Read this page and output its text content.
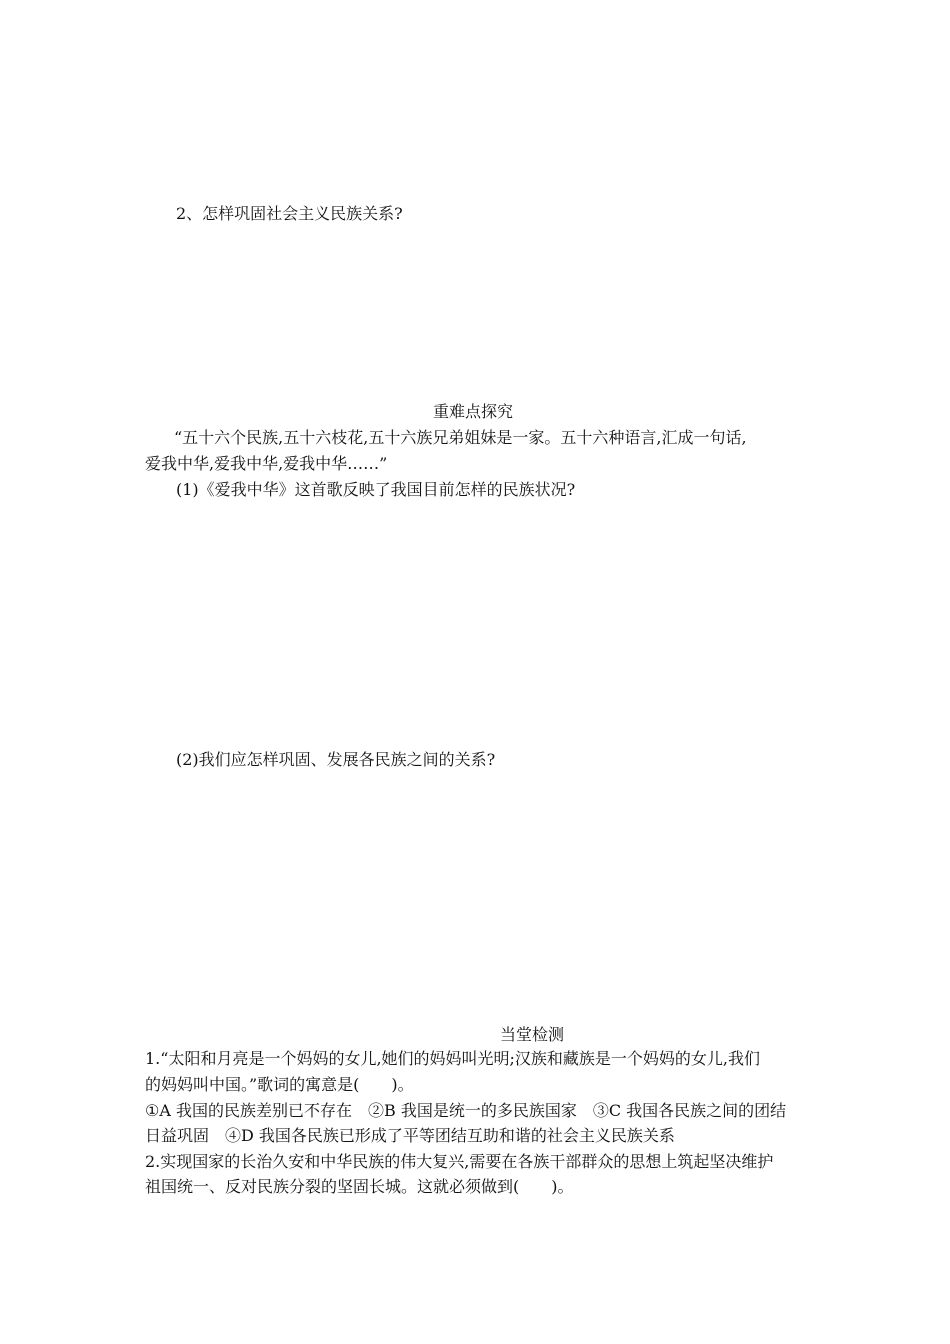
2、怎样巩固社会主义民族关系?
重难点探究
“五十六个民族,五十六枝花,五十六族兄弟姐妹是一家。五十六种语言,汇成一句话,
爱我中华,爱我中华,爱我中华……”
(1)《爱我中华》这首歌反映了我国目前怎样的民族状况?
(2)我们应怎样巩固、发展各民族之间的关系?
当堂检测
1.“太阳和月亮是一个妈妈的女儿,她们的妈妈叫光明;汉族和藏族是一个妈妈的女儿,我们
的妈妈叫中国。”歌词的寓意是(　　)。
①A 我国的民族差别已不存在　②B 我国是统一的多民族国家　③C 我国各民族之间的团结
日益巩固　④D 我国各民族已形成了平等团结互助和谐的社会主义民族关系
2.实现国家的长治久安和中华民族的伟大复兴,需要在各族干部群众的思想上筑起坚决维护
祖国统一、反对民族分裂的坚固长城。这就必须做到(　　)。
